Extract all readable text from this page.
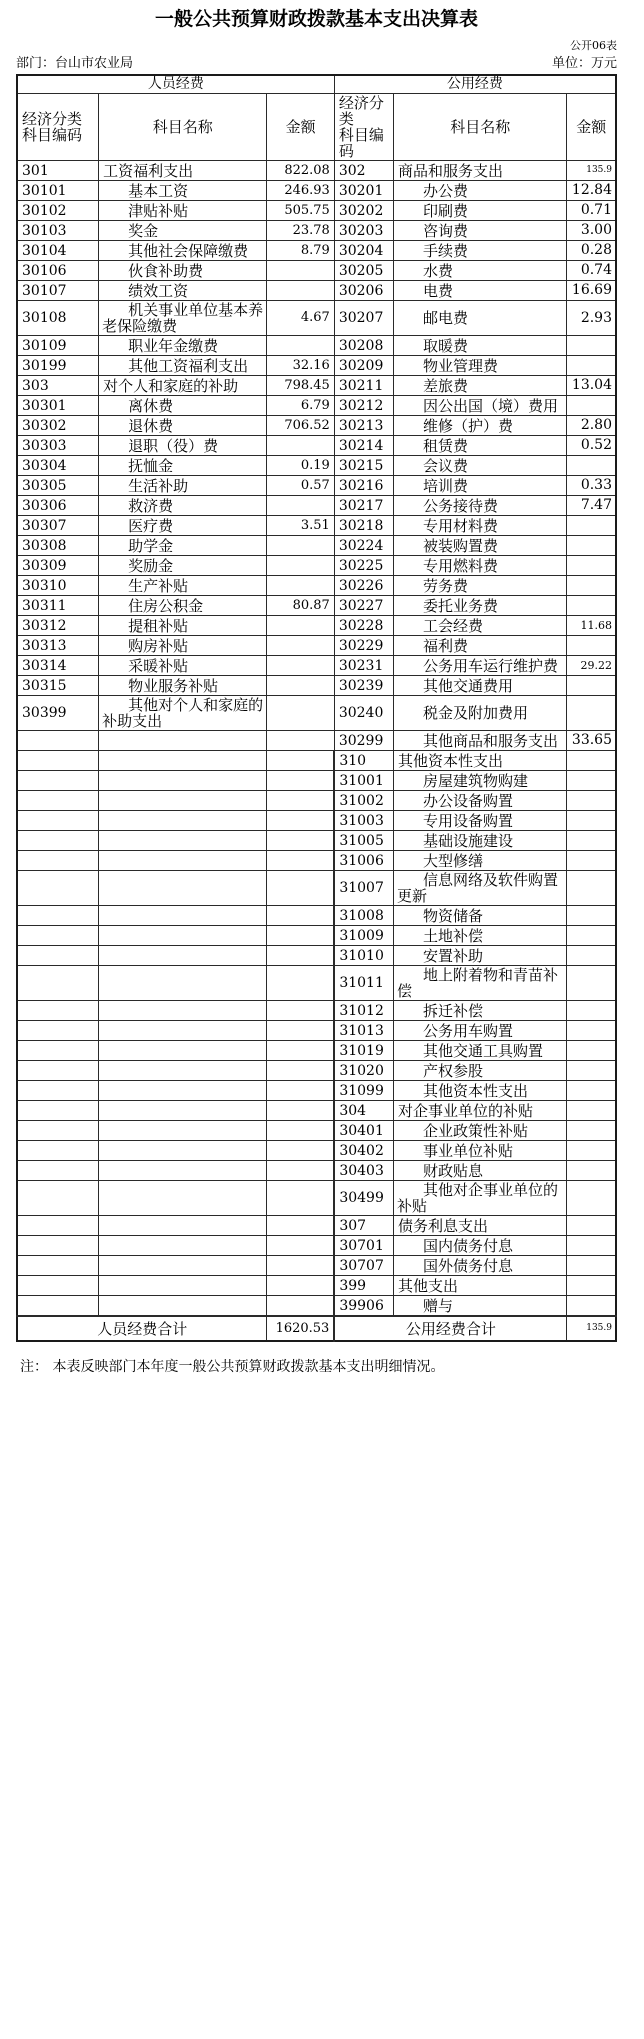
一般公共预算财政拨款基本支出决算表
公开06表
部门：台山市农业局	单位：万元
人员经费			公用经费		

经济分类
科目编码	科目名称	金额	
经济分类
科目编码
	科目名称	金额
301	工资福利支出	822.08	302	商品和服务支出	135.9
30101	基本工资	246.93	30201	办公费	12.84
30102	津贴补贴	505.75	30202	印刷费	0.71
30103	奖金	23.78	30203	咨询费	3.00
30104	其他社会保障缴费	8.79	30204	手续费	0.28
30106	伙食补助费		30205	水费	0.74
30107	绩效工资		30206	电费	16.69
30108	机关事业单位基本养老保险缴费	4.67	30207	邮电费	2.93
30109	职业年金缴费		30208	取暖费	
30199	其他工资福利支出	32.16	30209	物业管理费	
303	对个人和家庭的补助	798.45	30211	差旅费	13.04
30301	离休费	6.79	30212	因公出国（境）费用	
30302	退休费	706.52	30213	维修（护）费	2.80
30303	退职（役）费		30214	租赁费	0.52
30304	抚恤金	0.19	30215	会议费	
30305	生活补助	0.57	30216	培训费	0.33
30306	救济费		30217	公务接待费	7.47
30307	医疗费	3.51	30218	专用材料费	
30308	助学金		30224	被装购置费	
30309	奖励金		30225	专用燃料费	
30310	生产补贴		30226	劳务费	
30311	住房公积金	80.87	30227	委托业务费	
30312	提租补贴		30228	工会经费	11.68
30313	购房补贴		30229	福利费	
30314	采暖补贴		30231	公务用车运行维护费	29.22
30315	物业服务补贴		30239	其他交通费用	
30399	其他对个人和家庭的补助支出		30240	税金及附加费用	
			30299	其他商品和服务支出	33.65
			310	其他资本性支出	
			31001	房屋建筑物购建	
			31002	办公设备购置	
			31003	专用设备购置	
			31005	基础设施建设	
			31006	大型修缮	
			31007	信息网络及软件购置更新	
			31008	物资储备	
			31009	土地补偿	
			31010	安置补助	
			31011	地上附着物和青苗补偿	
			31012	拆迁补偿	
			31013	公务用车购置	
			31019	其他交通工具购置	
			31020	产权参股	
			31099	其他资本性支出	
			304	对企事业单位的补贴	
			30401	企业政策性补贴	
			30402	事业单位补贴	
			30403	财政贴息	
			30499	其他对企事业单位的补贴	
			307	债务利息支出	
			30701	国内债务付息	
			30707	国外债务付息	
			399	其他支出	
			39906	赠与	
人员经费合计		1620.53	公用经费合计		135.9
注： 本表反映部门本年度一般公共预算财政拨款基本支出明细情况。
